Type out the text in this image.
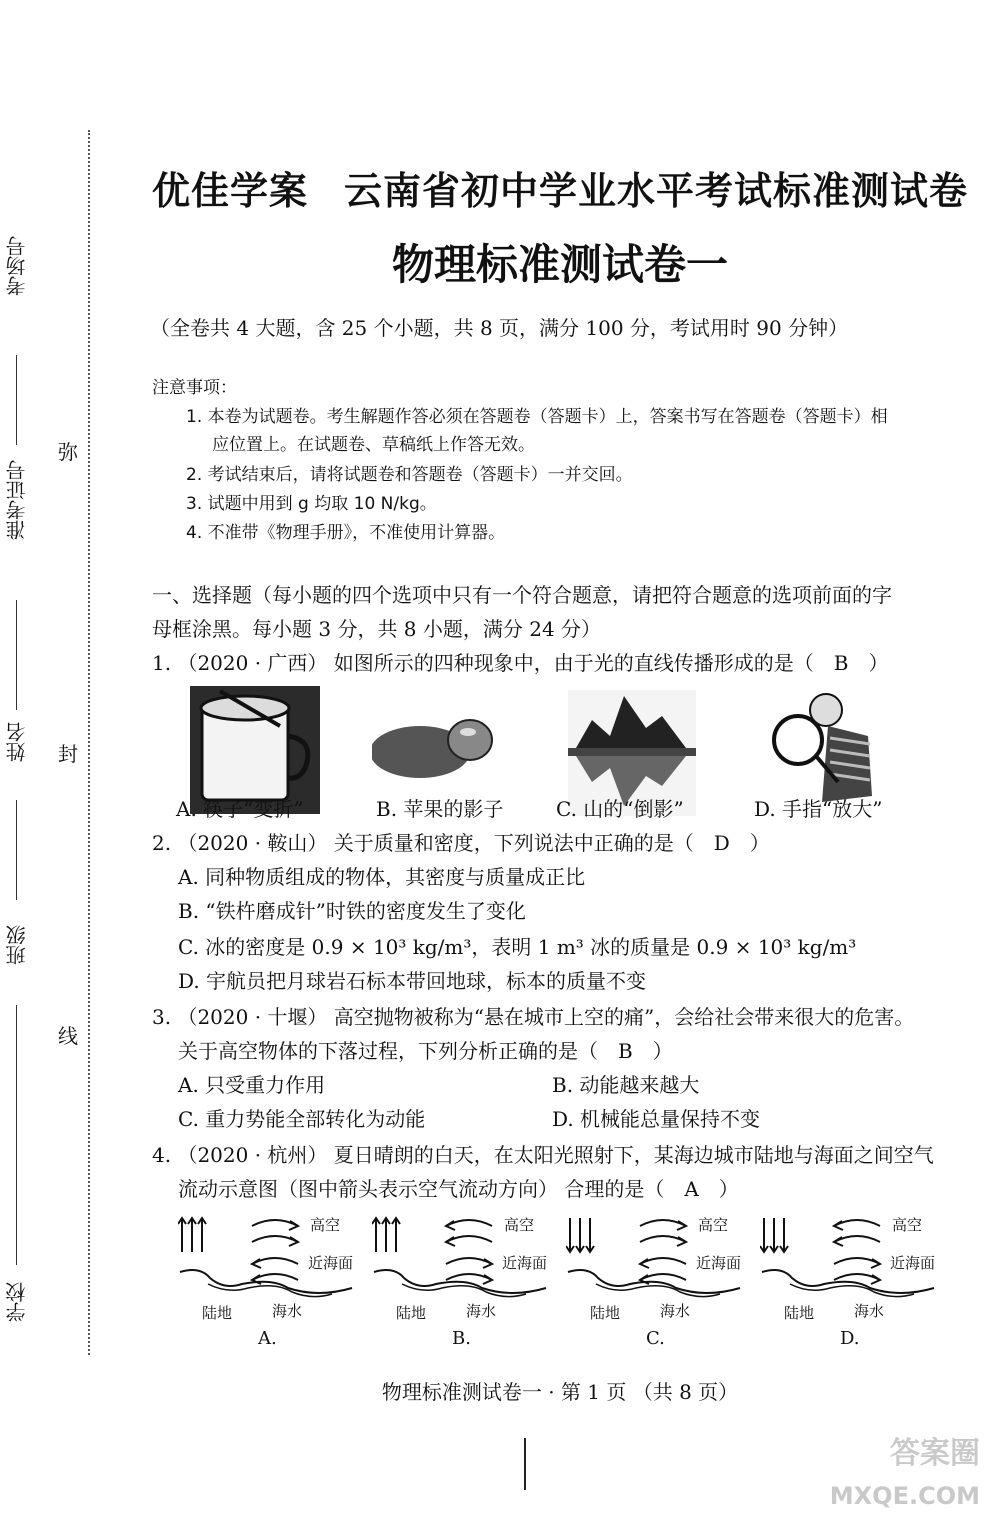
考场号
准考证号
姓名
班级
学校
弥
封
线
优佳学案 云南省初中学业水平考试标准测试卷
物理标准测试卷一
（全卷共 4 大题，含 25 个小题，共 8 页，满分 100 分，考试用时 90 分钟）
注意事项：
1. 本卷为试题卷。考生解题作答必须在答题卷（答题卡）上，答案书写在答题卷（答题卡）相
应位置上。在试题卷、草稿纸上作答无效。
2. 考试结束后，请将试题卷和答题卷（答题卡）一并交回。
3. 试题中用到 g 均取 10 N/kg。
4. 不准带《物理手册》，不准使用计算器。
一、选择题（每小题的四个选项中只有一个符合题意，请把符合题意的选项前面的字
母框涂黑。每小题 3 分，共 8 小题，满分 24 分）
1. （2020 · 广西） 如图所示的四种现象中，由于光的直线传播形成的是（　B　）
A. 筷子“变折”	B. 苹果的影子	C. 山的“倒影”	D. 手指“放大”
2. （2020 · 鞍山） 关于质量和密度，下列说法中正确的是（　D　）
A. 同种物质组成的物体，其密度与质量成正比
B. “铁杵磨成针”时铁的密度发生了变化
C. 冰的密度是 0.9 × 10³ kg/m³，表明 1 m³ 冰的质量是 0.9 × 10³ kg/m³
D. 宇航员把月球岩石标本带回地球，标本的质量不变
3. （2020 · 十堰） 高空抛物被称为“悬在城市上空的痛”，会给社会带来很大的危害。
关于高空物体的下落过程，下列分析正确的是（　B　）
A. 只受重力作用	B. 动能越来越大
C. 重力势能全部转化为动能	D. 机械能总量保持不变
4. （2020 · 杭州） 夏日晴朗的白天，在太阳光照射下，某海边城市陆地与海面之间空气
流动示意图（图中箭头表示空气流动方向） 合理的是（　A　）
高空
近海面
陆地	海水
A.
高空
近海面
陆地	海水
B.
高空
近海面
陆地	海水
C.
高空
近海面
陆地	海水
D.
物理标准测试卷一 · 第 1 页 （共 8 页）
答案圈
MXQE.COM
